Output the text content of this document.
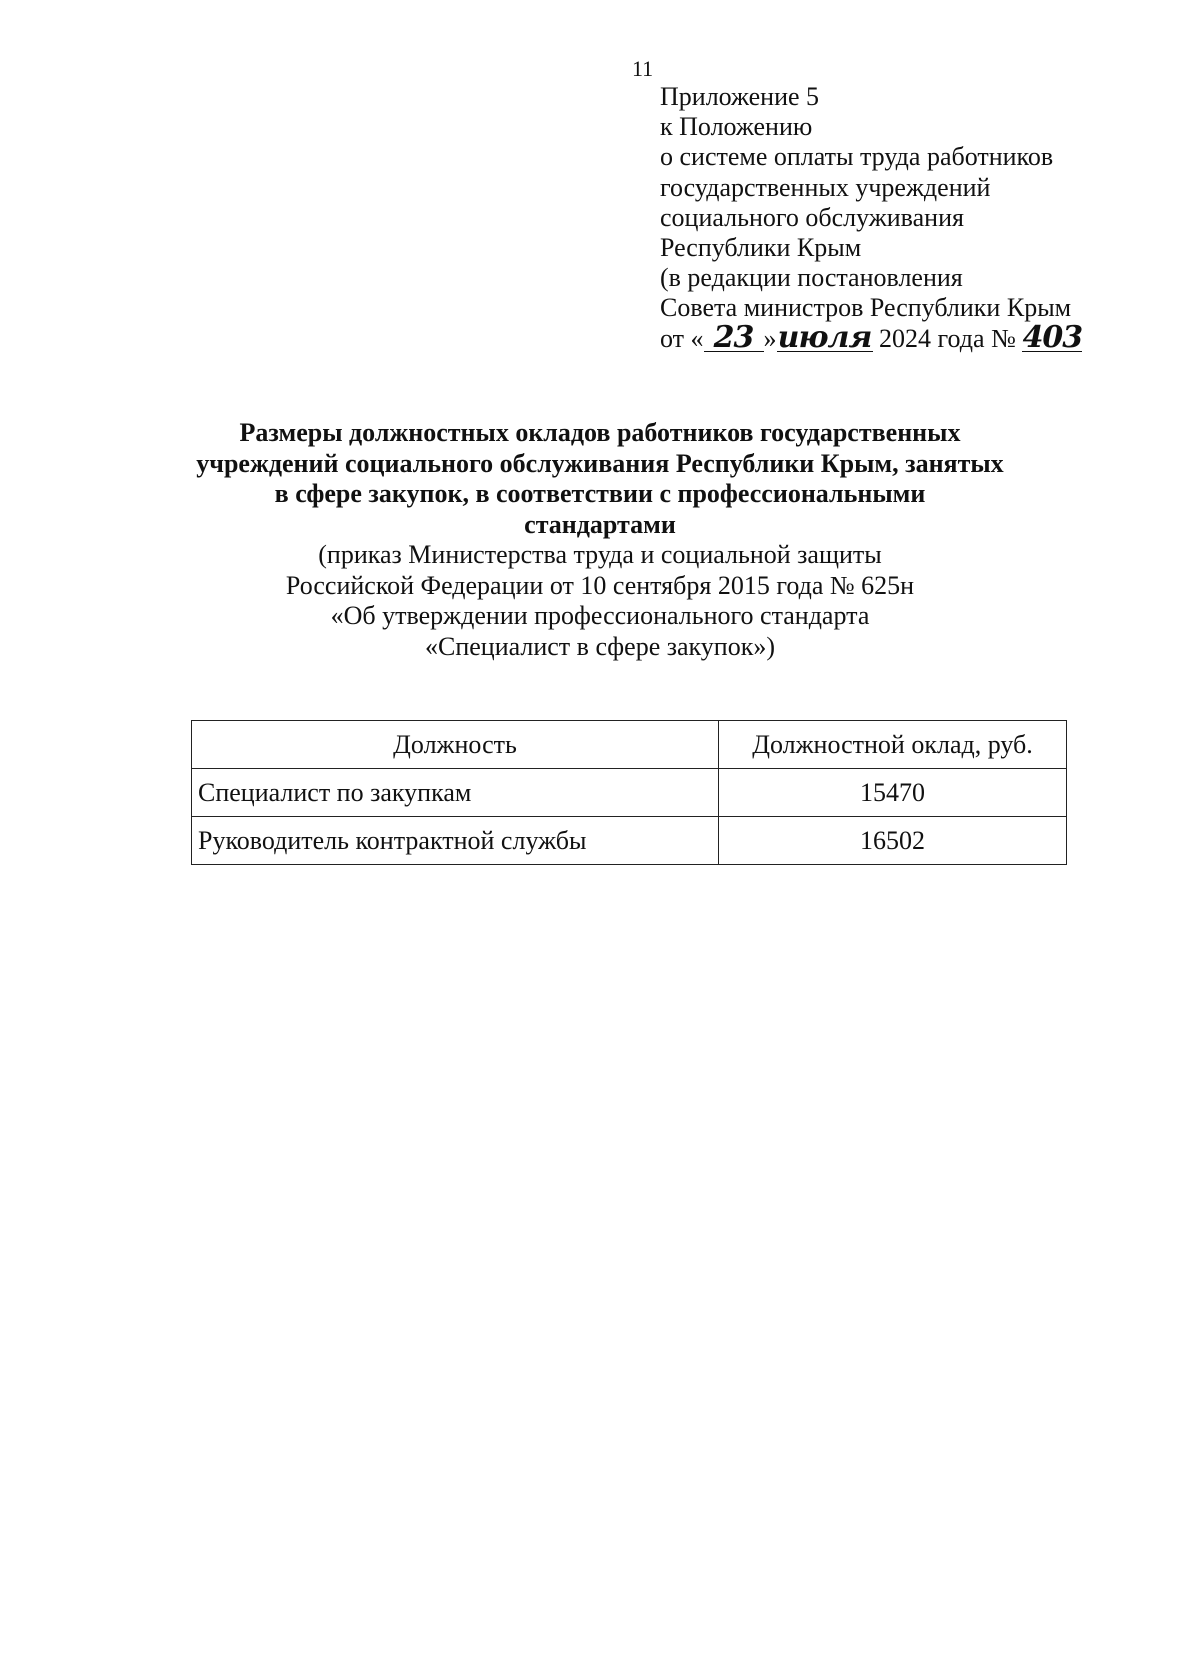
11
Приложение 5
к Положению
о системе оплаты труда работников
государственных учреждений
социального обслуживания
Республики Крым
(в редакции постановления
Совета министров Республики Крым
от « 23 »июля 2024 года № 403
Размеры должностных окладов работников государственных
учреждений социального обслуживания Республики Крым, занятых
в сфере закупок, в соответствии с профессиональными
стандартами
(приказ Министерства труда и социальной защиты
Российской Федерации от 10 сентября 2015 года № 625н
«Об утверждении профессионального стандарта
«Специалист в сфере закупок»)
Должность	Должностной оклад, руб.
Специалист по закупкам	15470
Руководитель контрактной службы	16502
